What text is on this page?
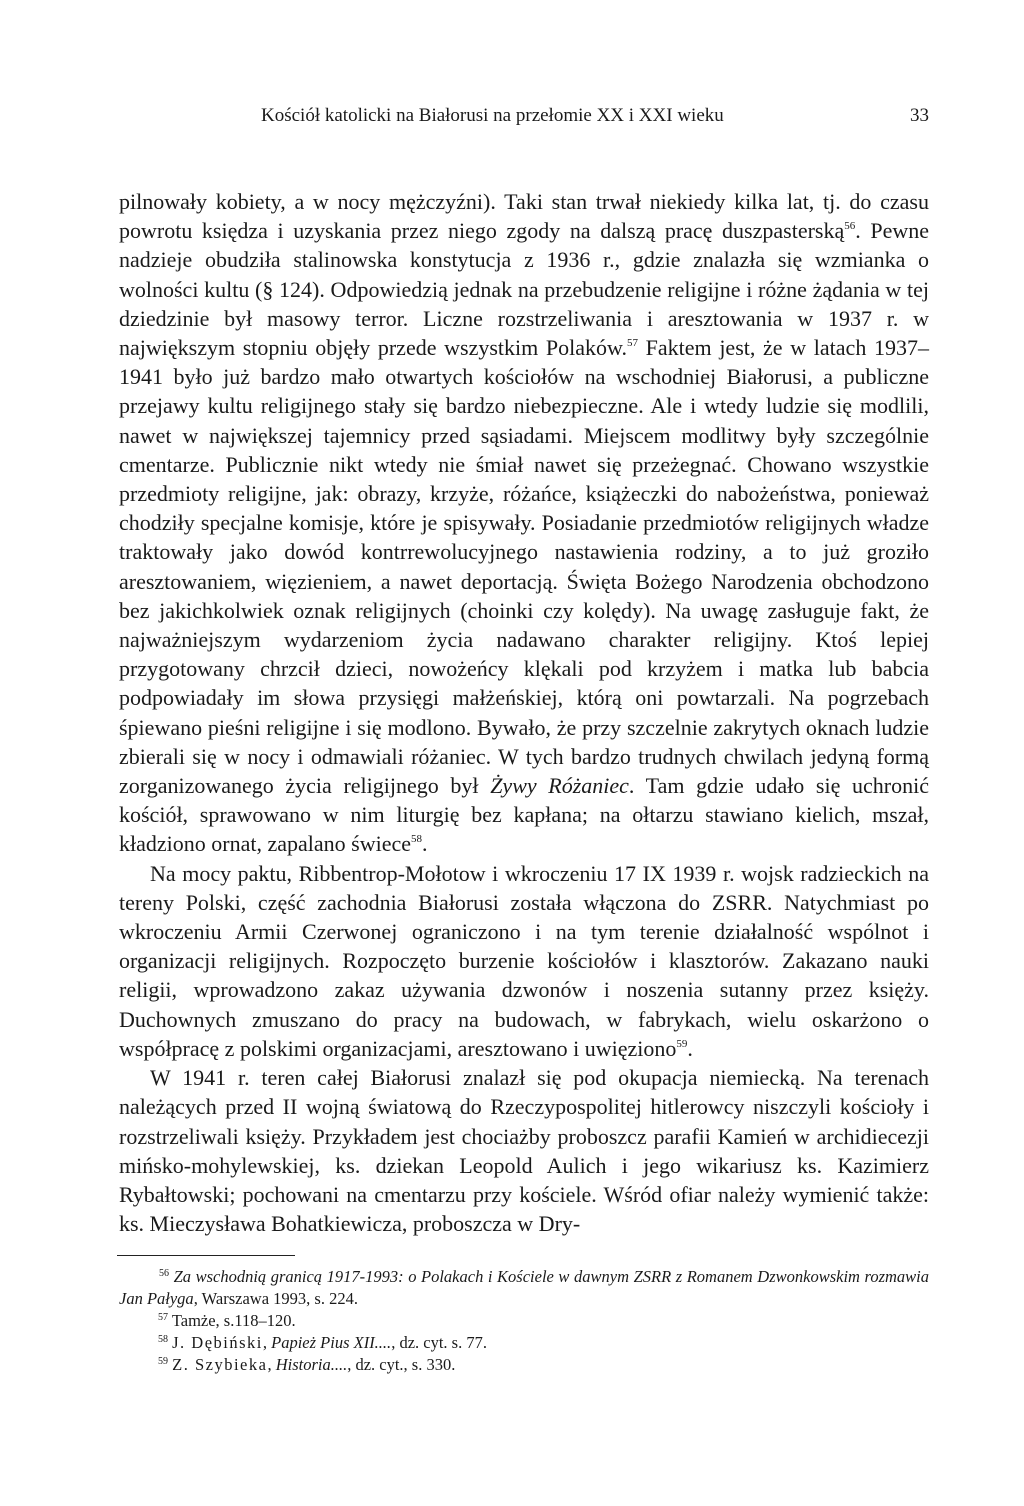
Kościół katolicki na Białorusi na przełomie XX i XXI wieku	33

pilnowały kobiety, a w nocy mężczyźni). Taki stan trwał niekiedy kilka lat, tj. do czasu powrotu księdza i uzyskania przez niego zgody na dalszą pracę duszpasterską$^{56}$. Pewne nadzieje obudziła stalinowska konstytucja z 1936 r., gdzie znalazła się wzmianka o wolności kultu (§ 124). Odpowiedzią jednak na przebudzenie religijne i różne żądania w tej dziedzinie był masowy terror. Liczne rozstrzeliwania i aresztowania w 1937 r. w największym stopniu objęły przede wszystkim Polaków.$^{57}$ Faktem jest, że w latach 1937–1941 było już bardzo mało otwartych kościołów na wschodniej Białorusi, a publiczne przejawy kultu religijnego stały się bardzo niebezpieczne. Ale i wtedy ludzie się modlili, nawet w największej tajemnicy przed sąsiadami. Miejscem modlitwy były szczególnie cmentarze. Publicznie nikt wtedy nie śmiał nawet się przeżegnać. Chowano wszystkie przedmioty religijne, jak: obrazy, krzyże, różańce, książeczki do nabożeństwa, ponieważ chodziły specjalne komisje, które je spisywały. Posiadanie przedmiotów religijnych władze traktowały jako dowód kontrrewolucyjnego nastawienia rodziny, a to już groziło aresztowaniem, więzieniem, a nawet deportacją. Święta Bożego Narodzenia obchodzono bez jakichkolwiek oznak religijnych (choinki czy kolędy). Na uwagę zasługuje fakt, że najważniejszym wydarzeniom życia nadawano charakter religijny. Ktoś lepiej przygotowany chrzcił dzieci, nowożeńcy klękali pod krzyżem i matka lub babcia podpowiadały im słowa przysięgi małżeńskiej, którą oni powtarzali. Na pogrzebach śpiewano pieśni religijne i się modlono. Bywało, że przy szczelnie zakrytych oknach ludzie zbierali się w nocy i odmawiali różaniec. W tych bardzo trudnych chwilach jedyną formą zorganizowanego życia religijnego był Żywy Różaniec. Tam gdzie udało się uchronić kościół, sprawowano w nim liturgię bez kapłana; na ołtarzu stawiano kielich, mszał, kładziono ornat, zapalano świece$^{58}$.

Na mocy paktu, Ribbentrop-Mołotow i wkroczeniu 17 IX 1939 r. wojsk radzieckich na tereny Polski, część zachodnia Białorusi została włączona do ZSRR. Natychmiast po wkroczeniu Armii Czerwonej ograniczono i na tym terenie działalność wspólnot i organizacji religijnych. Rozpoczęto burzenie kościołów i klasztorów. Zakazano nauki religii, wprowadzono zakaz używania dzwonów i noszenia sutanny przez księży. Duchownych zmuszano do pracy na budowach, w fabrykach, wielu oskarżono o współpracę z polskimi organizacjami, aresztowano i uwięziono$^{59}$.

W 1941 r. teren całej Białorusi znalazł się pod okupacja niemiecką. Na terenach należących przed II wojną światową do Rzeczypospolitej hitlerowcy niszczyli kościoły i rozstrzeliwali księży. Przykładem jest chociażby proboszcz parafii Kamień w archidiecezji mińsko-mohylewskiej, ks. dziekan Leopold Aulich i jego wikariusz ks. Kazimierz Rybałtowski; pochowani na cmentarzu przy kościele. Wśród ofiar należy wymienić także: ks. Mieczysława Bohatkiewicza, proboszcza w Dry-

$^{56}$ Za wschodnią granicą 1917-1993: o Polakach i Kościele w dawnym ZSRR z Romanem Dzwonkowskim rozmawia Jan Pałyga, Warszawa 1993, s. 224.

$^{57}$ Tamże, s.118–120.

$^{58}$ J. Dębiński, Papież Pius XII...., dz. cyt. s. 77.

$^{59}$ Z. Szybieka, Historia...., dz. cyt., s. 330.
